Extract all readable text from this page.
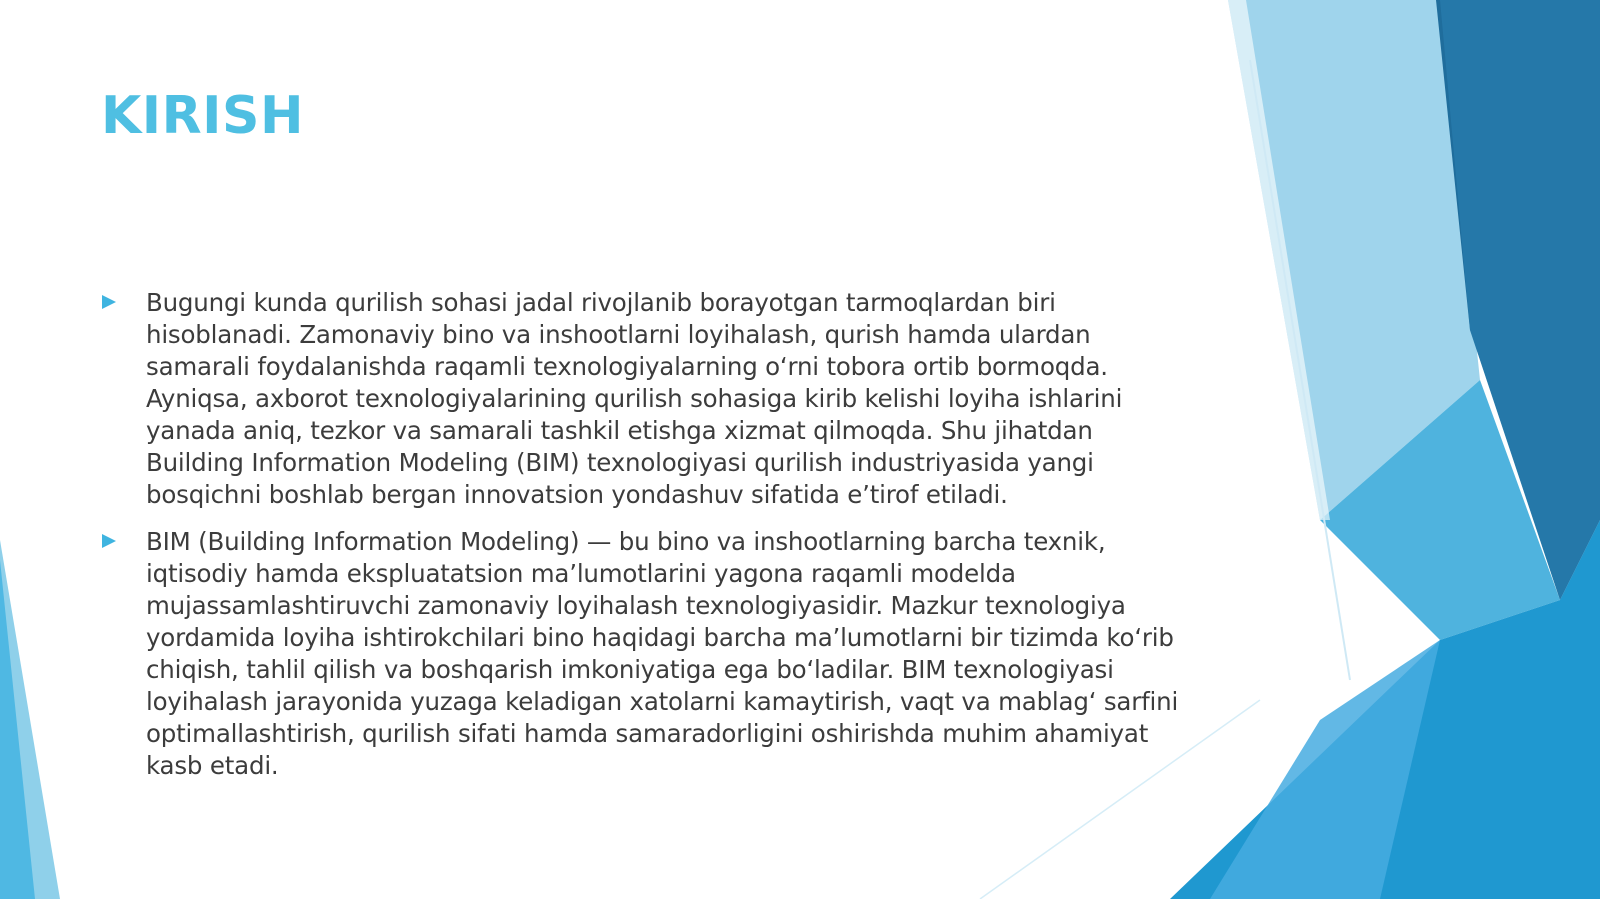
KIRISH

Bugungi kunda qurilish sohasi jadal rivojlanib borayotgan tarmoqlardan biri hisoblanadi. Zamonaviy bino va inshootlarni loyihalash, qurish hamda ulardan samarali foydalanishda raqamli texnologiyalarning o‘rni tobora ortib bormoqda. Ayniqsa, axborot texnologiyalarining qurilish sohasiga kirib kelishi loyiha ishlarini yanada aniq, tezkor va samarali tashkil etishga xizmat qilmoqda. Shu jihatdan Building Information Modeling (BIM) texnologiyasi qurilish industriyasida yangi bosqichni boshlab bergan innovatsion yondashuv sifatida e’tirof etiladi.

BIM (Building Information Modeling) — bu bino va inshootlarning barcha texnik, iqtisodiy hamda ekspluatatsion ma’lumotlarini yagona raqamli modelda mujassamlashtiruvchi zamonaviy loyihalash texnologiyasidir. Mazkur texnologiya yordamida loyiha ishtirokchilari bino haqidagi barcha ma’lumotlarni bir tizimda ko‘rib chiqish, tahlil qilish va boshqarish imkoniyatiga ega bo‘ladilar. BIM texnologiyasi loyihalash jarayonida yuzaga keladigan xatolarni kamaytirish, vaqt va mablag‘ sarfini optimallashtirish, qurilish sifati hamda samaradorligini oshirishda muhim ahamiyat kasb etadi.
